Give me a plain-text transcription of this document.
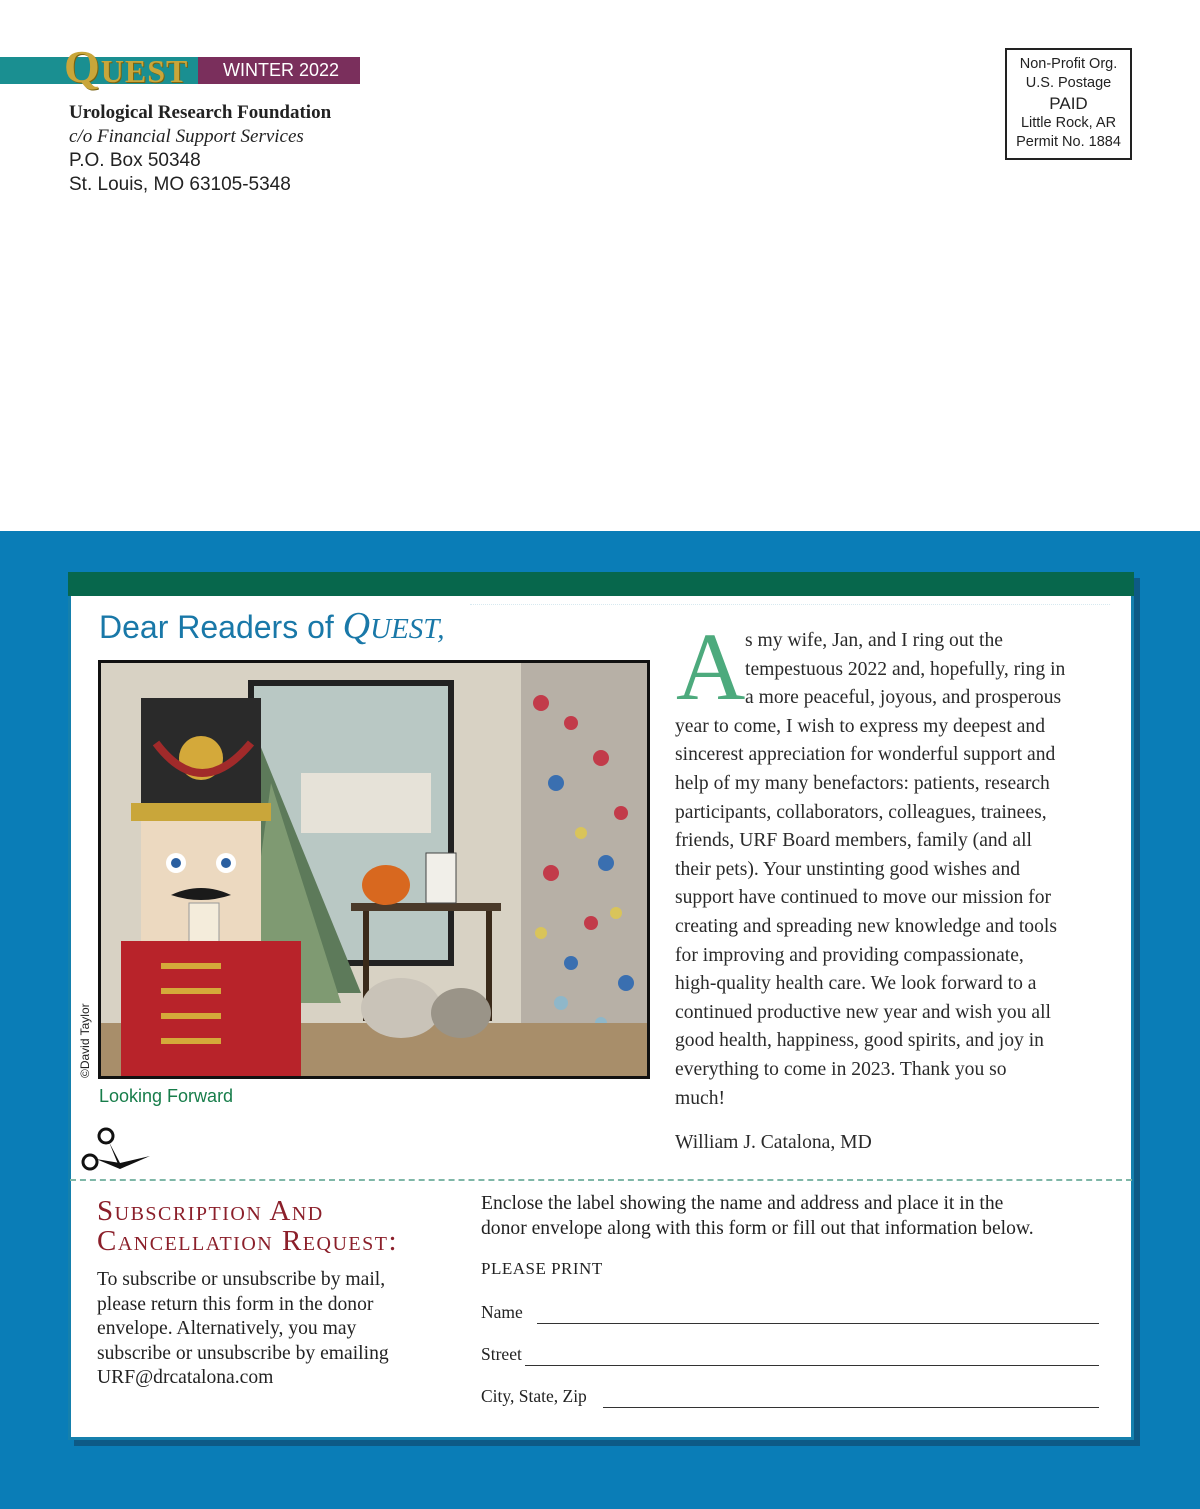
WINTER 2022
QUEST
Urological Research Foundation
c/o Financial Support Services
P.O. Box 50348
St. Louis, MO 63105-5348
Non-Profit Org.
U.S. Postage
PAID
Little Rock, AR
Permit No. 1884
Dear Readers of QUEST,
©David Taylor
Looking Forward
A s my wife, Jan, and I ring out the
tempestuous 2022 and, hopefully, ring in
a more peaceful, joyous, and prosperous
year to come, I wish to express my deepest and
sincerest appreciation for wonderful support and
help of my many benefactors: patients, research
participants, collaborators, colleagues, trainees,
friends, URF Board members, family (and all
their pets). Your unstinting good wishes and
support have continued to move our mission for
creating and spreading new knowledge and tools
for improving and providing compassionate,
high-quality health care. We look forward to a
continued productive new year and wish you all
good health, happiness, good spirits, and joy in
everything to come in 2023. Thank you so
much!
William J. Catalona, MD
Subscription And
Cancellation Request:
To subscribe or unsubscribe by mail,
please return this form in the donor
envelope. Alternatively, you may
subscribe or unsubscribe by emailing
URF@drcatalona.com
Enclose the label showing the name and address and place it in the
donor envelope along with this form or fill out that information below.
PLEASE PRINT
Name
Street
City, State, Zip
